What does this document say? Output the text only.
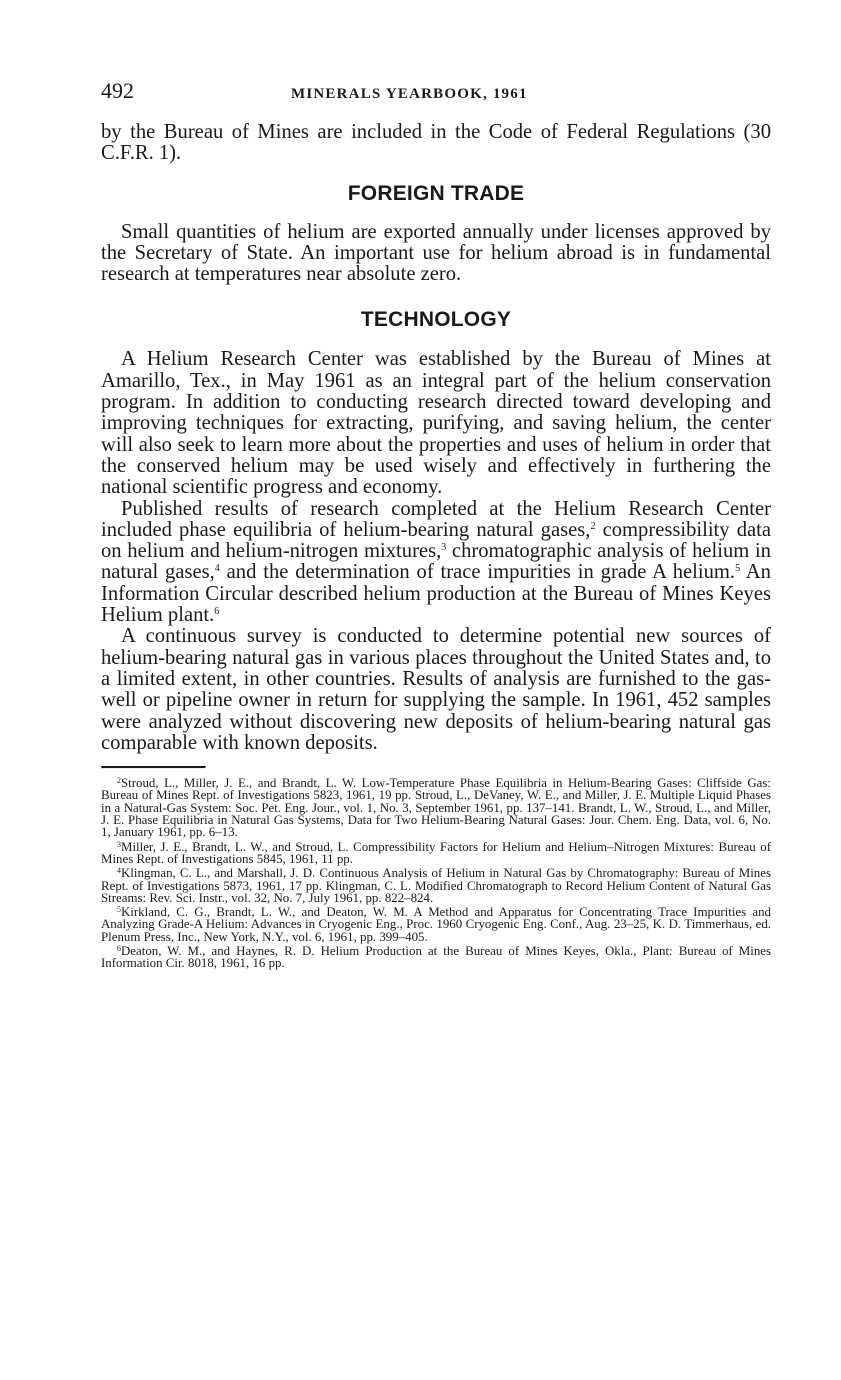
492	MINERALS YEARBOOK, 1961

by the Bureau of Mines are included in the Code of Federal Regulations (30 C.F.R. 1).

FOREIGN TRADE

Small quantities of helium are exported annually under licenses approved by the Secretary of State. An important use for helium abroad is in fundamental research at temperatures near absolute zero.

TECHNOLOGY

A Helium Research Center was established by the Bureau of Mines at Amarillo, Tex., in May 1961 as an integral part of the helium conservation program. In addition to conducting research directed toward developing and improving techniques for extracting, purifying, and saving helium, the center will also seek to learn more about the properties and uses of helium in order that the conserved helium may be used wisely and effectively in furthering the national scientific progress and economy.

Published results of research completed at the Helium Research Center included phase equilibria of helium-bearing natural gases,$^2$ compressibility data on helium and helium-nitrogen mixtures,$^3$ chromatographic analysis of helium in natural gases,$^4$ and the determination of trace impurities in grade A helium.$^5$ An Information Circular described helium production at the Bureau of Mines Keyes Helium plant.$^6$

A continuous survey is conducted to determine potential new sources of helium-bearing natural gas in various places throughout the United States and, to a limited extent, in other countries. Results of analysis are furnished to the gas-well or pipeline owner in return for supplying the sample. In 1961, 452 samples were analyzed without discovering new deposits of helium-bearing natural gas comparable with known deposits.

$^2$Stroud, L., Miller, J. E., and Brandt, L. W. Low-Temperature Phase Equilibria in Helium-Bearing Gases: Cliffside Gas: Bureau of Mines Rept. of Investigations 5823, 1961, 19 pp. Stroud, L., DeVaney, W. E., and Miller, J. E. Multiple Liquid Phases in a Natural-Gas System: Soc. Pet. Eng. Jour., vol. 1, No. 3, September 1961, pp. 137–141. Brandt, L. W., Stroud, L., and Miller, J. E. Phase Equilibria in Natural Gas Systems, Data for Two Helium-Bearing Natural Gases: Jour. Chem. Eng. Data, vol. 6, No. 1, January 1961, pp. 6–13.

$^3$Miller, J. E., Brandt, L. W., and Stroud, L. Compressibility Factors for Helium and Helium–Nitrogen Mixtures: Bureau of Mines Rept. of Investigations 5845, 1961, 11 pp.

$^4$Klingman, C. L., and Marshall, J. D. Continuous Analysis of Helium in Natural Gas by Chromatography: Bureau of Mines Rept. of Investigations 5873, 1961, 17 pp. Klingman, C. L. Modified Chromatograph to Record Helium Content of Natural Gas Streams: Rev. Sci. Instr., vol. 32, No. 7, July 1961, pp. 822–824.

$^5$Kirkland, C. G., Brandt, L. W., and Deaton, W. M. A Method and Apparatus for Concentrating Trace Impurities and Analyzing Grade-A Helium: Advances in Cryogenic Eng., Proc. 1960 Cryogenic Eng. Conf., Aug. 23–25, K. D. Timmerhaus, ed. Plenum Press, Inc., New York, N.Y., vol. 6, 1961, pp. 399–405.

$^6$Deaton, W. M., and Haynes, R. D. Helium Production at the Bureau of Mines Keyes, Okla., Plant: Bureau of Mines Information Cir. 8018, 1961, 16 pp.
